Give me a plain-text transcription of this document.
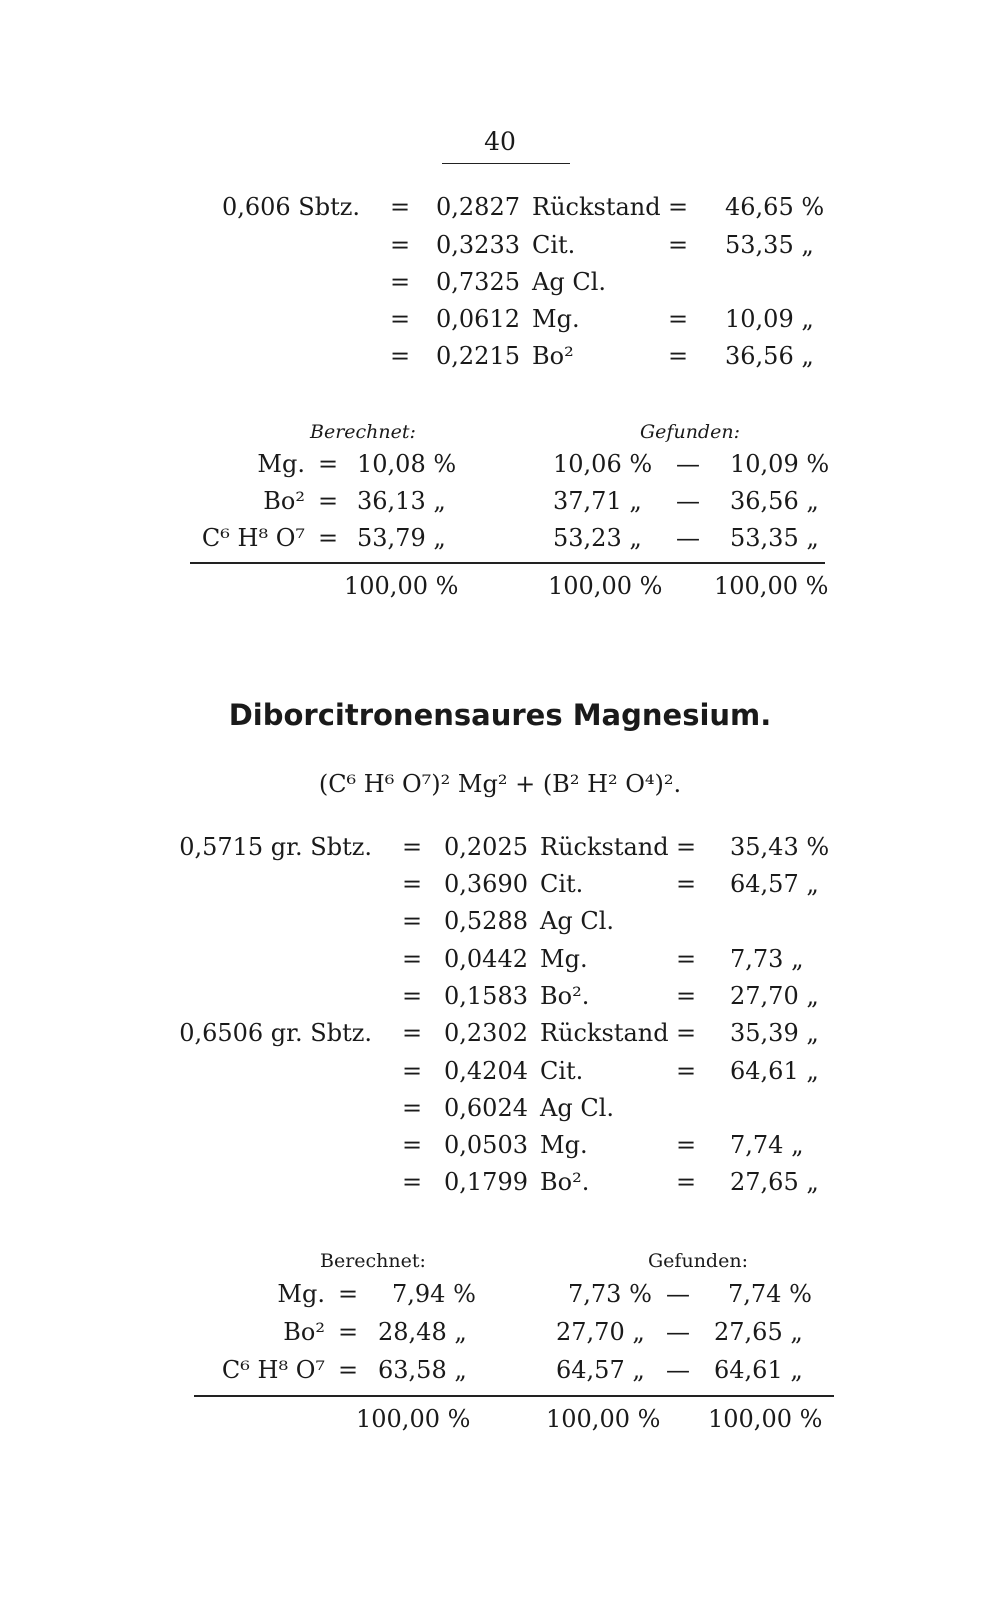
40
0,606 Sbtz. =	0,2827 Rückstand = 46,65 %
=	0,3233 Cit.	= 53,35 „
=	0,7325 Ag Cl.
=	0,0612 Mg.	= 10,09 „
=	0,2215 Bo²	= 36,56 „
Berechnet:	Gefunden:
Mg. = 10,08 %	10,06 % — 10,09 %
Bo² = 36,13 „	37,71 „ — 36,56 „
C⁶ H⁸ O⁷ = 53,79 „	53,23 „ — 53,35 „
100,00 %	100,00 % 100,00 %
Diborcitronensaures Magnesium.
(C⁶ H⁶ O⁷)² Mg² + (B² H² O⁴)².
0,5715 gr. Sbtz. = 0,2025 Rückstand = 35,43 %
= 0,3690 Cit.	= 64,57 „
= 0,5288 Ag Cl.
= 0,0442 Mg.	= 7,73 „
= 0,1583 Bo².	= 27,70 „
0,6506 gr. Sbtz. = 0,2302 Rückstand = 35,39 „
= 0,4204 Cit.	= 64,61 „
= 0,6024 Ag Cl.
= 0,0503 Mg.	= 7,74 „
= 0,1799 Bo².	= 27,65 „
Berechnet:	Gefunden:
Mg. = 7,94 %	7,73 % — 7,74 %
Bo² = 28,48 „	27,70 „ — 27,65 „
C⁶ H⁸ O⁷ = 63,58 „	64,57 „ — 64,61 „
100,00 %	100,00 % 100,00 %
